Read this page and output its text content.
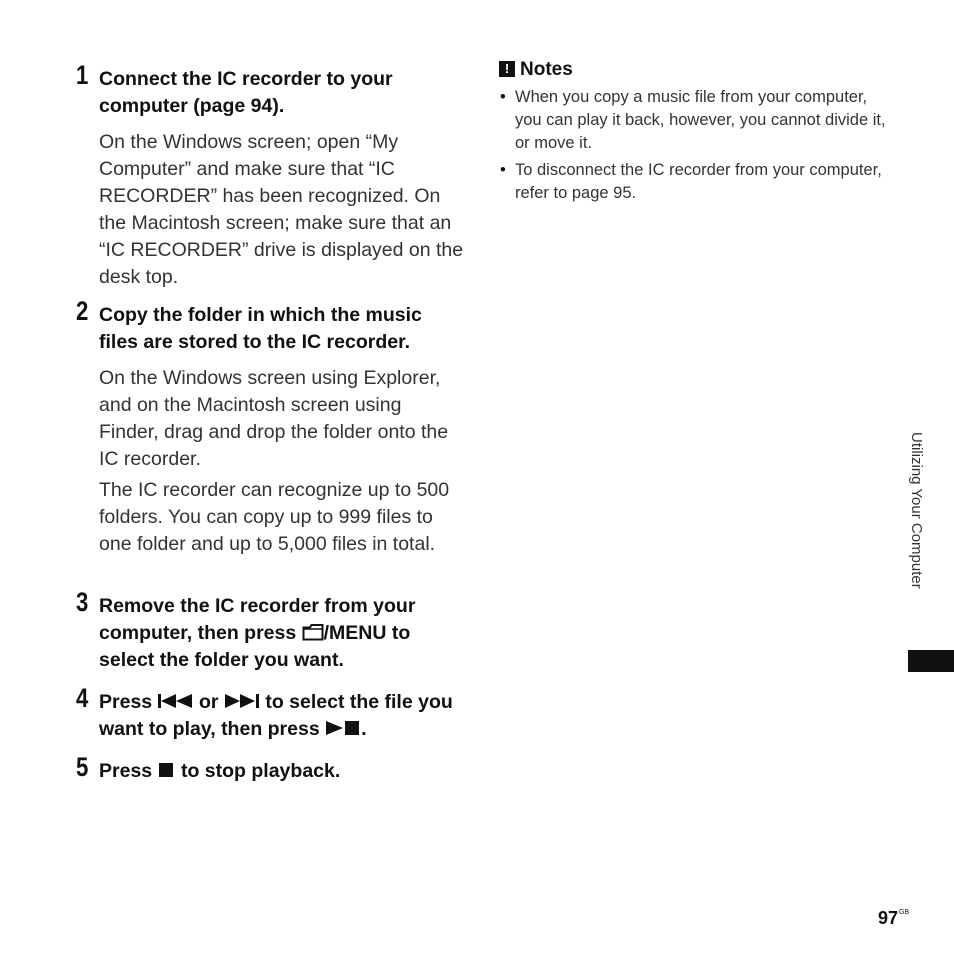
1 Connect the IC recorder to your computer (page 94).
On the Windows screen; open “My Computer” and make sure that “IC RECORDER” has been recognized. On the Macintosh screen; make sure that an “IC RECORDER” drive is displayed on the desk top.
2 Copy the folder in which the music files are stored to the IC recorder.
On the Windows screen using Explorer, and on the Macintosh screen using Finder, drag and drop the folder onto the IC recorder.
The IC recorder can recognize up to 500 folders. You can copy up to 999 files to one folder and up to 5,000 files in total.
3 Remove the IC recorder from your computer, then press /MENU to select the folder you want.
4 Press  or  to select the file you want to play, then press .
5 Press  to stop playback.
! Notes
• When you copy a music file from your computer, you can play it back, however, you cannot divide it, or move it.
• To disconnect the IC recorder from your computer, refer to page 95.
Utilizing Your Computer
$97^{GB}$
